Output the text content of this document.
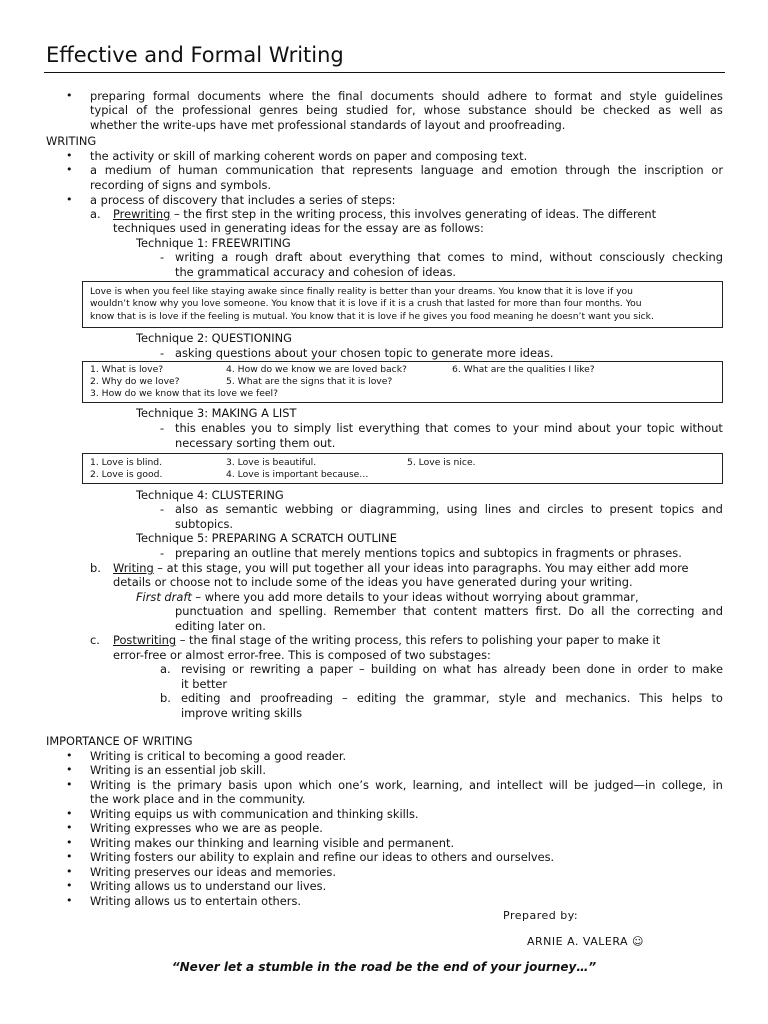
Effective and Formal Writing
• preparing formal documents where the final documents should adhere to format and style guidelines
typical of the professional genres being studied for, whose substance should be checked as well as
whether the write-ups have met professional standards of layout and proofreading.
WRITING
• the activity or skill of marking coherent words on paper and composing text.
• a medium of human communication that represents language and emotion through the inscription or
recording of signs and symbols.
• a process of discovery that includes a series of steps:
a. Prewriting – the first step in the writing process, this involves generating of ideas. The different
techniques used in generating ideas for the essay are as follows:
Technique 1: FREEWRITING
- writing a rough draft about everything that comes to mind, without consciously checking
the grammatical accuracy and cohesion of ideas.
Love is when you feel like staying awake since finally reality is better than your dreams. You know that it is love if you
wouldn’t know why you love someone. You know that it is love if it is a crush that lasted for more than four months. You
know that is is love if the feeling is mutual. You know that it is love if he gives you food meaning he doesn’t want you sick.
Technique 2: QUESTIONING
- asking questions about your chosen topic to generate more ideas.
1. What is love?
2. Why do we love?
3. How do we know that its love we feel?
4. How do we know we are loved back?
5. What are the signs that it is love?
6. What are the qualities I like?
Technique 3: MAKING A LIST
- this enables you to simply list everything that comes to your mind about your topic without
necessary sorting them out.
1. Love is blind.
2. Love is good.
3. Love is beautiful.
4. Love is important because…
5. Love is nice.
Technique 4: CLUSTERING
- also as semantic webbing or diagramming, using lines and circles to present topics and
subtopics.
Technique 5: PREPARING A SCRATCH OUTLINE
- preparing an outline that merely mentions topics and subtopics in fragments or phrases.
b. Writing – at this stage, you will put together all your ideas into paragraphs. You may either add more
details or choose not to include some of the ideas you have generated during your writing.
First draft – where you add more details to your ideas without worrying about grammar,
punctuation and spelling. Remember that content matters first. Do all the correcting and
editing later on.
c. Postwriting – the final stage of the writing process, this refers to polishing your paper to make it
error-free or almost error-free. This is composed of two substages:
a. revising or rewriting a paper – building on what has already been done in order to make
it better
b. editing and proofreading – editing the grammar, style and mechanics. This helps to
improve writing skills
IMPORTANCE OF WRITING
• Writing is critical to becoming a good reader.
• Writing is an essential job skill.
• Writing is the primary basis upon which one’s work, learning, and intellect will be judged—in college, in
the work place and in the community.
• Writing equips us with communication and thinking skills.
• Writing expresses who we are as people.
• Writing makes our thinking and learning visible and permanent.
• Writing fosters our ability to explain and refine our ideas to others and ourselves.
• Writing preserves our ideas and memories.
• Writing allows us to understand our lives.
• Writing allows us to entertain others.
Prepared by:
ARNIE A. VALERA ☺
“Never let a stumble in the road be the end of your journey…”
